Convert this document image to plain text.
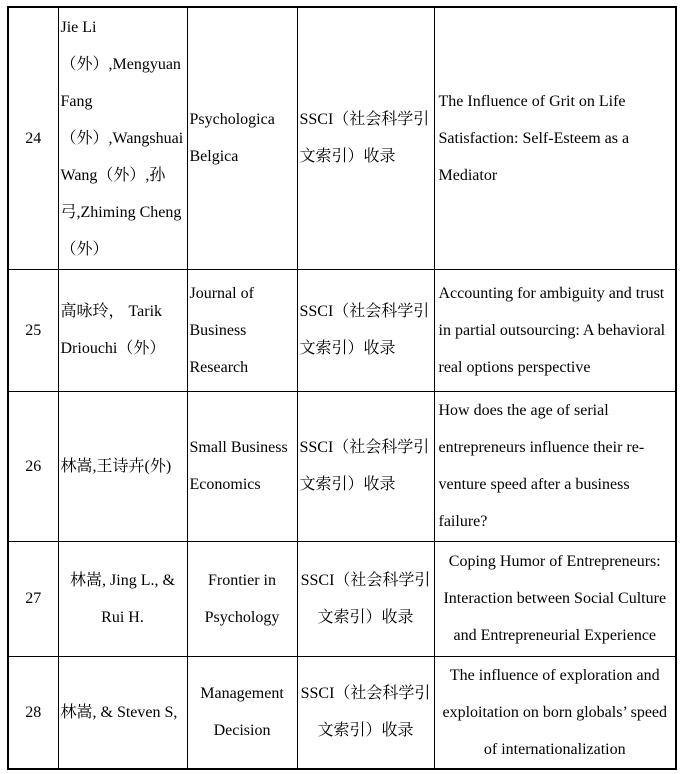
24	Jie Li（外）,Mengyuan Fang（外）,Wangshuai Wang（外）,孙弓,Zhiming Cheng（外）	Psychologica Belgica	SSCI（社会科学引文索引）收录	The Influence of Grit on Life Satisfaction: Self-Esteem as a Mediator
25	高咏玲， Tarik Driouchi（外）	Journal of Business Research	SSCI（社会科学引文索引）收录	Accounting for ambiguity and trust in partial outsourcing: A behavioral real options perspective
26	林嵩,王诗卉(外)	Small Business Economics	SSCI（社会科学引文索引）收录	How does the age of serial entrepreneurs influence their re-venture speed after a business failure?
27	林嵩, Jing L., & Rui H.	Frontier in Psychology	SSCI（社会科学引文索引）收录	Coping Humor of Entrepreneurs: Interaction between Social Culture and Entrepreneurial Experience
28	林嵩, & Steven S,	Management Decision	SSCI（社会科学引文索引）收录	The influence of exploration and exploitation on born globals’ speed of internationalization
